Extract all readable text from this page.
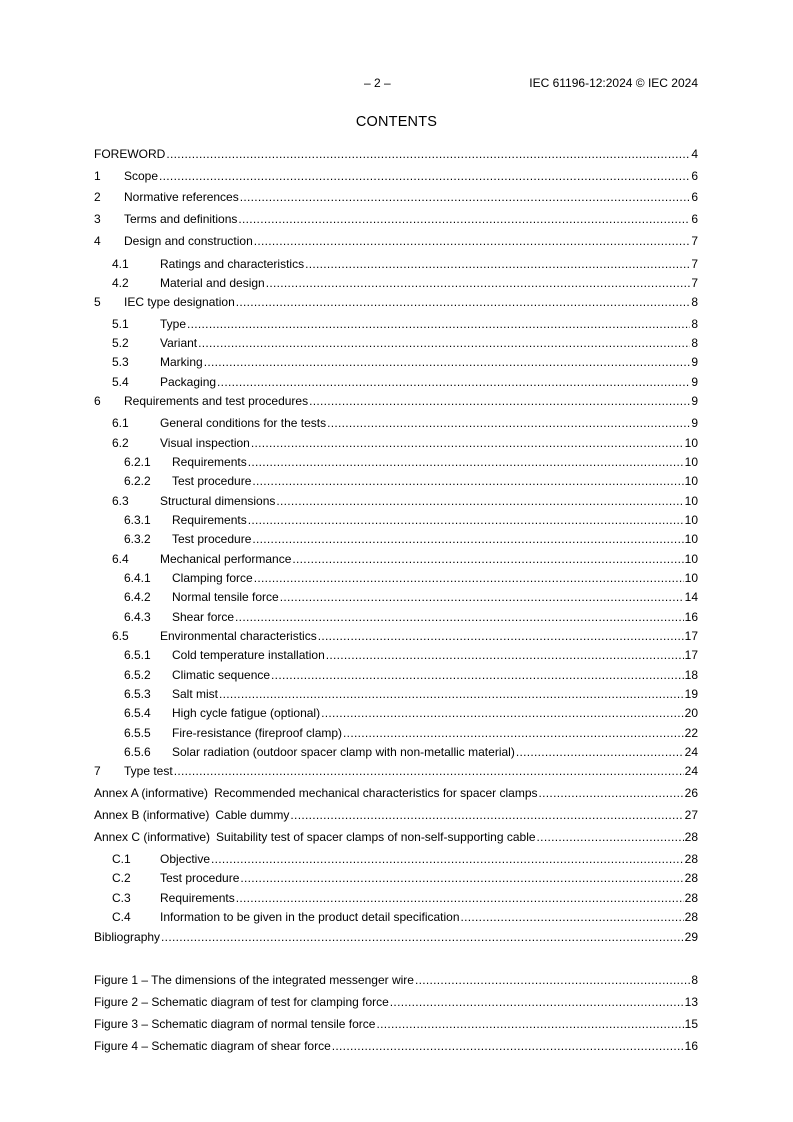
– 2 –	IEC 61196-12:2024 © IEC 2024
CONTENTS
FOREWORD .....	4
1	Scope .....	6
2	Normative references .....	6
3	Terms and definitions .....	6
4	Design and construction .....	7
4.1	Ratings and characteristics .....	7
4.2	Material and design .....	7
5	IEC type designation .....	8
5.1	Type .....	8
5.2	Variant .....	8
5.3	Marking .....	9
5.4	Packaging .....	9
6	Requirements and test procedures .....	9
6.1	General conditions for the tests .....	9
6.2	Visual inspection .....	10
6.2.1	Requirements .....	10
6.2.2	Test procedure .....	10
6.3	Structural dimensions .....	10
6.3.1	Requirements .....	10
6.3.2	Test procedure .....	10
6.4	Mechanical performance .....	10
6.4.1	Clamping force .....	10
6.4.2	Normal tensile force .....	14
6.4.3	Shear force .....	16
6.5	Environmental characteristics .....	17
6.5.1	Cold temperature installation .....	17
6.5.2	Climatic sequence .....	18
6.5.3	Salt mist .....	19
6.5.4	High cycle fatigue (optional) .....	20
6.5.5	Fire-resistance (fireproof clamp) .....	22
6.5.6	Solar radiation (outdoor spacer clamp with non-metallic material) .....	24
7	Type test .....	24
Annex A (informative) Recommended mechanical characteristics for spacer clamps .....	26
Annex B (informative) Cable dummy .....	27
Annex C (informative) Suitability test of spacer clamps of non-self-supporting cable .....	28
C.1	Objective .....	28
C.2	Test procedure .....	28
C.3	Requirements .....	28
C.4	Information to be given in the product detail specification .....	28
Bibliography .....	29
Figure 1 – The dimensions of the integrated messenger wire .....	8
Figure 2 – Schematic diagram of test for clamping force .....	13
Figure 3 – Schematic diagram of normal tensile force .....	15
Figure 4 – Schematic diagram of shear force .....	16
